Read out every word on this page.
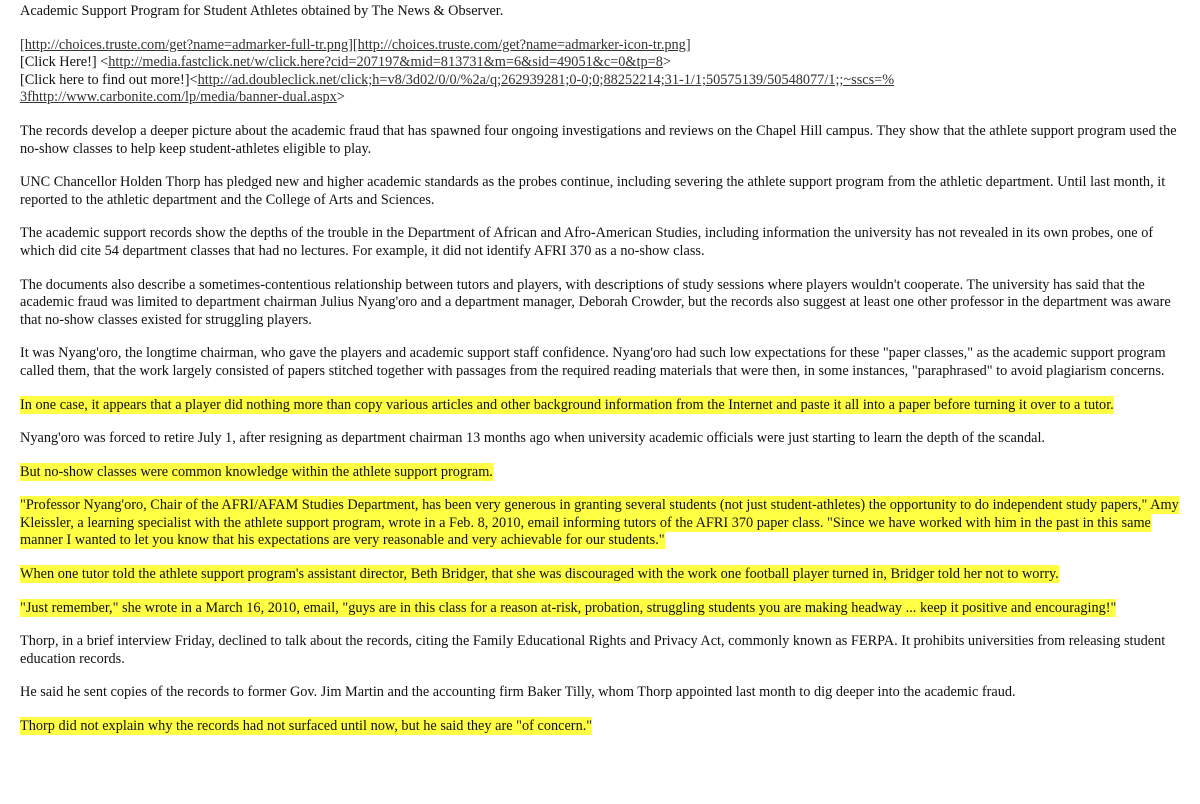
Academic Support Program for Student Athletes obtained by The News & Observer.

[http://choices.truste.com/get?name=admarker-full-tr.png][http://choices.truste.com/get?name=admarker-icon-tr.png]

[Click Here!] <http://media.fastclick.net/w/click.here?cid=207197&mid=813731&m=6&sid=49051&c=0&tp=8>

[Click here to find out more!]<http://ad.doubleclick.net/click;h=v8/3d02/0/0/%2a/q;262939281;0-0;0;88252214;31-1/1;50575139/50548077/1;;~sscs=%

3fhttp://www.carbonite.com/lp/media/banner-dual.aspx>

The records develop a deeper picture about the academic fraud that has spawned four ongoing investigations and reviews on the Chapel Hill campus. They show that the athlete support program used the no-show classes to help keep student-athletes eligible to play.

UNC Chancellor Holden Thorp has pledged new and higher academic standards as the probes continue, including severing the athlete support program from the athletic department. Until last month, it reported to the athletic department and the College of Arts and Sciences.

The academic support records show the depths of the trouble in the Department of African and Afro-American Studies, including information the university has not revealed in its own probes, one of which did cite 54 department classes that had no lectures. For example, it did not identify AFRI 370 as a no-show class.

The documents also describe a sometimes-contentious relationship between tutors and players, with descriptions of study sessions where players wouldn't cooperate. The university has said that the academic fraud was limited to department chairman Julius Nyang'oro and a department manager, Deborah Crowder, but the records also suggest at least one other professor in the department was aware that no-show classes existed for struggling players.

It was Nyang'oro, the longtime chairman, who gave the players and academic support staff confidence. Nyang'oro had such low expectations for these "paper classes," as the academic support program called them, that the work largely consisted of papers stitched together with passages from the required reading materials that were then, in some instances, "paraphrased" to avoid plagiarism concerns.

In one case, it appears that a player did nothing more than copy various articles and other background information from the Internet and paste it all into a paper before turning it over to a tutor.

Nyang'oro was forced to retire July 1, after resigning as department chairman 13 months ago when university academic officials were just starting to learn the depth of the scandal.

But no-show classes were common knowledge within the athlete support program.

"Professor Nyang'oro, Chair of the AFRI/AFAM Studies Department, has been very generous in granting several students (not just student-athletes) the opportunity to do independent study papers," Amy Kleissler, a learning specialist with the athlete support program, wrote in a Feb. 8, 2010, email informing tutors of the AFRI 370 paper class. "Since we have worked with him in the past in this same manner I wanted to let you know that his expectations are very reasonable and very achievable for our students."

When one tutor told the athlete support program's assistant director, Beth Bridger, that she was discouraged with the work one football player turned in, Bridger told her not to worry.

"Just remember," she wrote in a March 16, 2010, email, "guys are in this class for a reason at-risk, probation, struggling students you are making headway ... keep it positive and encouraging!"

Thorp, in a brief interview Friday, declined to talk about the records, citing the Family Educational Rights and Privacy Act, commonly known as FERPA. It prohibits universities from releasing student education records.

He said he sent copies of the records to former Gov. Jim Martin and the accounting firm Baker Tilly, whom Thorp appointed last month to dig deeper into the academic fraud.

Thorp did not explain why the records had not surfaced until now, but he said they are "of concern."
